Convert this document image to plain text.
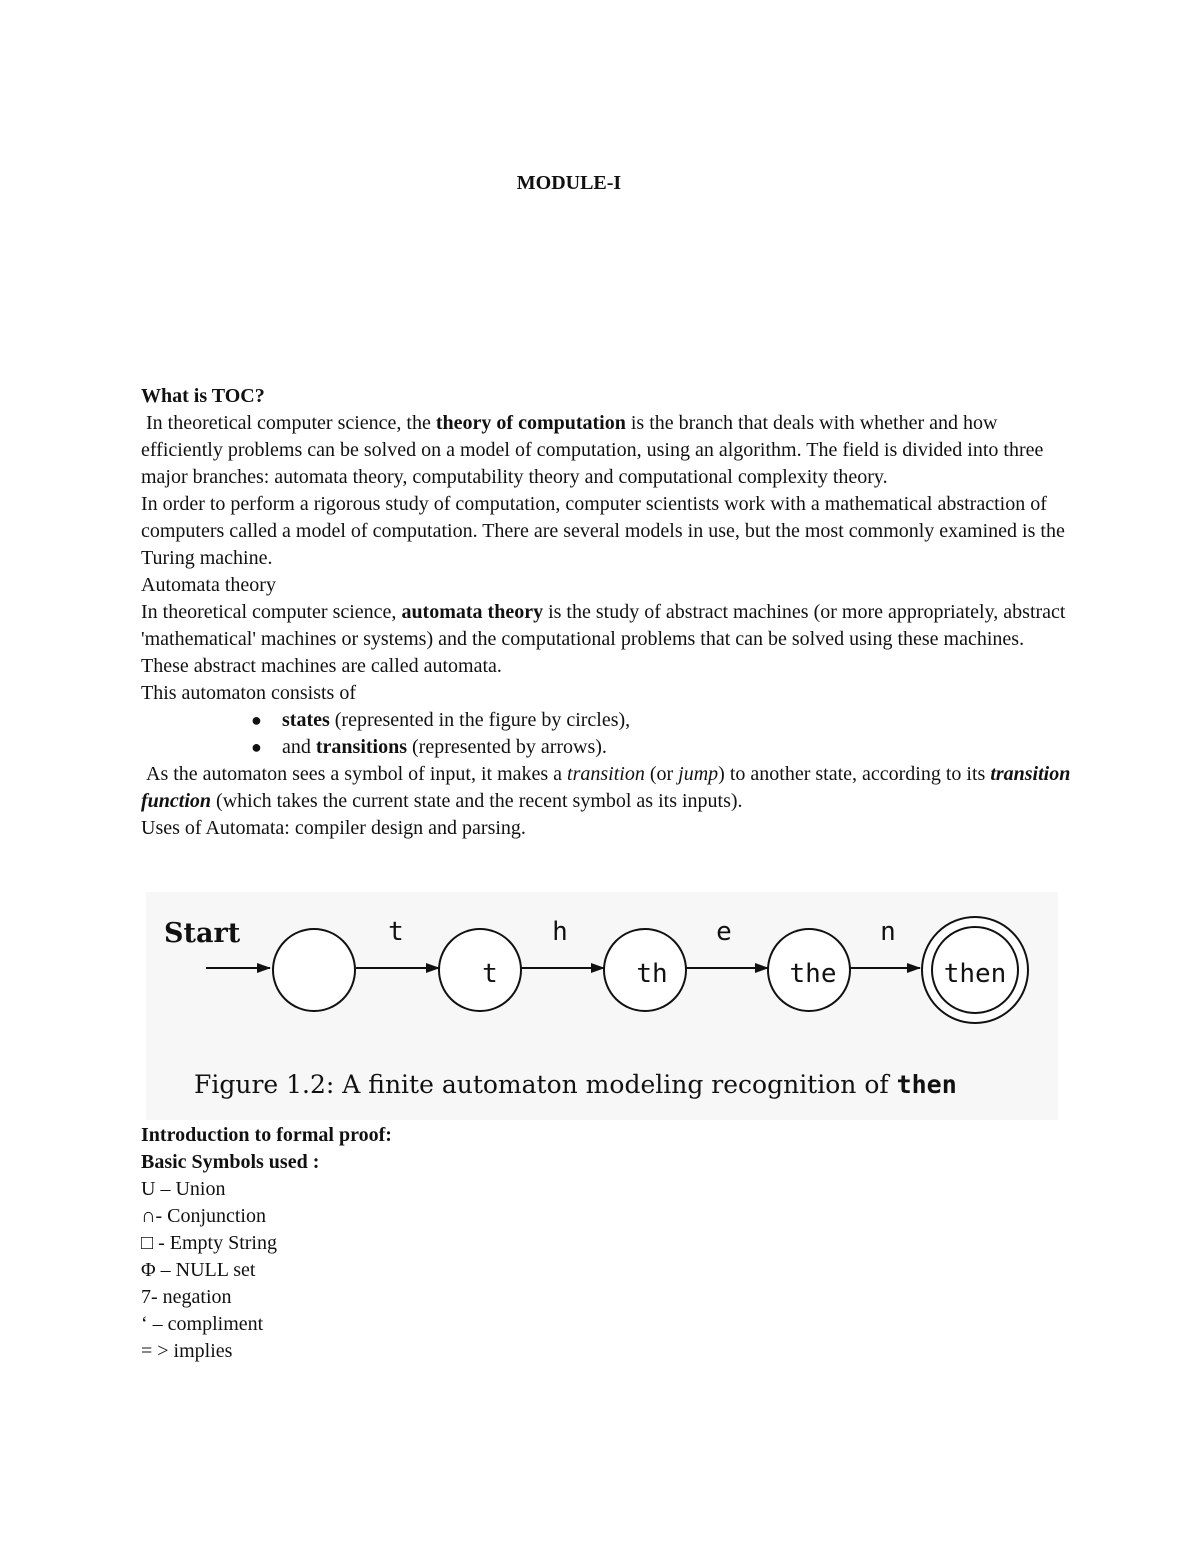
MODULE-I

What is TOC?

In theoretical computer science, the theory of computation is the branch that deals with whether and how efficiently problems can be solved on a model of computation, using an algorithm. The field is divided into three major branches: automata theory, computability theory and computational complexity theory.

In order to perform a rigorous study of computation, computer scientists work with a mathematical abstraction of computers called a model of computation. There are several models in use, but the most commonly examined is the Turing machine.

Automata theory

In theoretical computer science, automata theory is the study of abstract machines (or more appropriately, abstract 'mathematical' machines or systems) and the computational problems that can be solved using these machines. These abstract machines are called automata.

This automaton consists of

● states (represented in the figure by circles),
● and transitions (represented by arrows).

As the automaton sees a symbol of input, it makes a transition (or jump) to another state, according to its transition function (which takes the current state and the recent symbol as its inputs).

Uses of Automata: compiler design and parsing.

Start	t	h	e	n
t	th	the	then
Figure 1.2: A finite automaton modeling recognition of then

Introduction to formal proof:

Basic Symbols used :

U – Union

∩- Conjunction

□ - Empty String

Φ – NULL set

7- negation

‘ – compliment

= > implies
